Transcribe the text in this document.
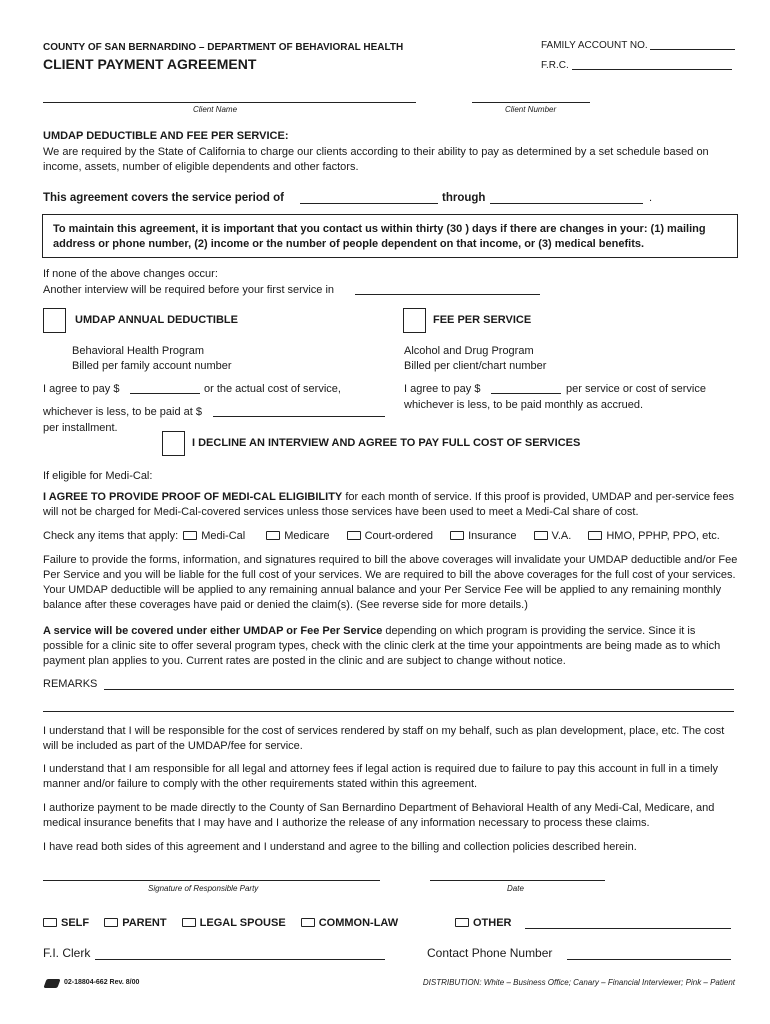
COUNTY OF SAN BERNARDINO – DEPARTMENT OF BEHAVIORAL HEALTH
CLIENT PAYMENT AGREEMENT
FAMILY ACCOUNT NO.
F.R.C.
Client Name	Client Number
UMDAP DEDUCTIBLE AND FEE PER SERVICE:
We are required by the State of California to charge our clients according to their ability to pay as determined by a set schedule based on income, assets, number of eligible dependents and other factors.
This agreement covers the service period of	through	.
To maintain this agreement, it is important that you contact us within thirty (30 ) days if there are changes in your: (1) mailing address or phone number, (2) income or the number of people dependent on that income, or (3) medical benefits.
If none of the above changes occur:
Another interview will be required before your first service in
UMDAP ANNUAL DEDUCTIBLE
Behavioral Health Program
Billed per family account number
I agree to pay $	or the actual cost of service,
whichever is less, to be paid at $
per installment.
FEE PER SERVICE
Alcohol and Drug Program
Billed per client/chart number
I agree to pay $	per service or cost of service
whichever is less, to be paid monthly as accrued.
I DECLINE AN INTERVIEW AND AGREE TO PAY FULL COST OF SERVICES
If eligible for Medi-Cal:
I AGREE TO PROVIDE PROOF OF MEDI-CAL ELIGIBILITY for each month of service. If this proof is provided, UMDAP and per-service fees will not be charged for Medi-Cal-covered services unless those services have been used to meet a Medi-Cal share of cost.
Check any items that apply: Medi-Cal	Medicare	Court-ordered	Insurance	V.A.	HMO, PPHP, PPO, etc.
Failure to provide the forms, information, and signatures required to bill the above coverages will invalidate your UMDAP deductible and/or Fee Per Service and you will be liable for the full cost of your services. We are required to bill the above coverages for the full cost of your services. Your UMDAP deductible will be applied to any remaining annual balance and your Per Service Fee will be applied to any remaining monthly balance after these coverages have paid or denied the claim(s). (See reverse side for more details.)
A service will be covered under either UMDAP or Fee Per Service depending on which program is providing the service. Since it is possible for a clinic site to offer several program types, check with the clinic clerk at the time your appointments are being made as to which payment plan applies to you. Current rates are posted in the clinic and are subject to change without notice.
REMARKS
I understand that I will be responsible for the cost of services rendered by staff on my behalf, such as plan development, place, etc. The cost will be included as part of the UMDAP/fee for service.
I understand that I am responsible for all legal and attorney fees if legal action is required due to failure to pay this account in full in a timely manner and/or failure to comply with the other requirements stated within this agreement.
I authorize payment to be made directly to the County of San Bernardino Department of Behavioral Health of any Medi-Cal, Medicare, and medical insurance benefits that I may have and I authorize the release of any information necessary to process these claims.
I have read both sides of this agreement and I understand and agree to the billing and collection policies described herein.
Signature of Responsible Party	Date
SELF	PARENT	LEGAL SPOUSE	COMMON-LAW	OTHER
F.I. Clerk	Contact Phone Number
02-18804-662 Rev. 8/00	DISTRIBUTION: White – Business Office; Canary – Financial Interviewer; Pink – Patient
